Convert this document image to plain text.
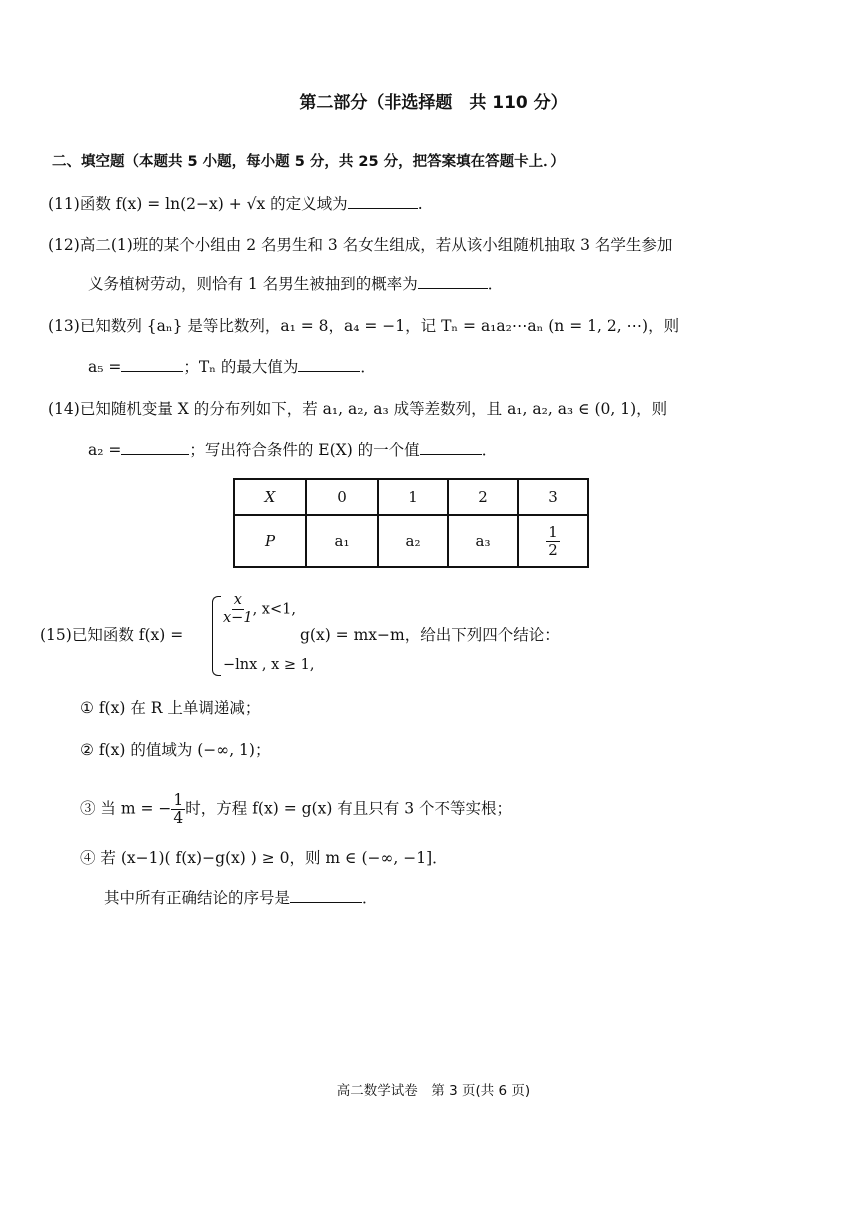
第二部分（非选择题　共 110 分）
二、填空题（本题共 5 小题，每小题 5 分，共 25 分，把答案填在答题卡上．）
(11)函数 f(x) = ln(2−x) + √x 的定义域为	.
(12)高二(1)班的某个小组由 2 名男生和 3 名女生组成，若从该小组随机抽取 3 名学生参加
义务植树劳动，则恰有 1 名男生被抽到的概率为	．
(13)已知数列 {aₙ} 是等比数列，a₁ = 8，a₄ = −1，记 Tₙ = a₁a₂⋯aₙ (n = 1, 2, ⋯)，则
a₅ =	；Tₙ 的最大值为	．
(14)已知随机变量 X 的分布列如下，若 a₁, a₂, a₃ 成等差数列，且 a₁, a₂, a₃ ∈ (0, 1)，则
a₂ =	；写出符合条件的 E(X) 的一个值	．
X	0	1	2	3
P	a₁	a₂	a₃	$\frac{1}{2}$
(15)已知函数 f(x) =
$\frac{x}{x-1}$ , x<1,
−lnx , x ≥ 1,
g(x) = mx−m，给出下列四个结论：
① f(x) 在 R 上单调递减；
② f(x) 的值域为 (−∞, 1)；
③ 当 m = − $\frac{1}{4}$ 时，方程 f(x) = g(x) 有且只有 3 个不等实根；
④ 若 (x−1)( f(x)−g(x) ) ≥ 0，则 m ∈ (−∞, −1]．
其中所有正确结论的序号是	．
高二数学试卷　第 3 页(共 6 页)
